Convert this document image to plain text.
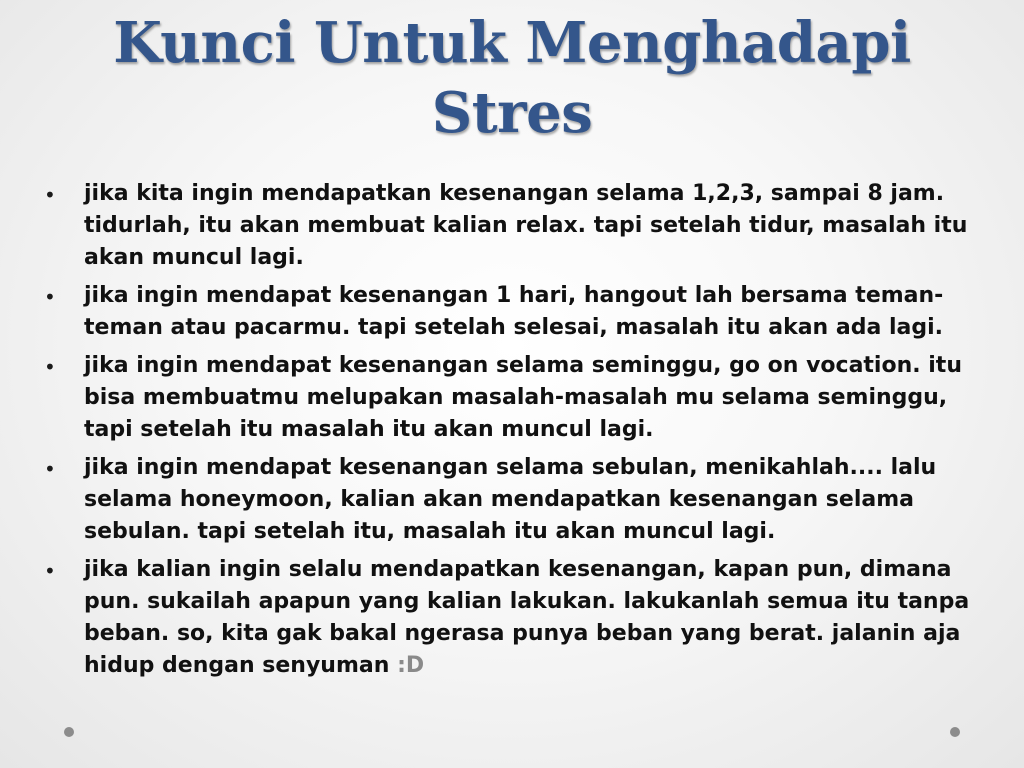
Kunci Untuk Menghadapi
Stres
• jika kita ingin mendapatkan kesenangan selama 1,2,3, sampai 8 jam. tidurlah, itu akan membuat kalian relax. tapi setelah tidur, masalah itu akan muncul lagi.
• jika ingin mendapat kesenangan 1 hari, hangout lah bersama teman-teman atau pacarmu. tapi setelah selesai, masalah itu akan ada lagi.
• jika ingin mendapat kesenangan selama seminggu, go on vocation. itu bisa membuatmu melupakan masalah-masalah mu selama seminggu, tapi setelah itu masalah itu akan muncul lagi.
• jika ingin mendapat kesenangan selama sebulan, menikahlah.... lalu selama honeymoon, kalian akan mendapatkan kesenangan selama sebulan. tapi setelah itu, masalah itu akan muncul lagi.
• jika kalian ingin selalu mendapatkan kesenangan, kapan pun, dimana pun. sukailah apapun yang kalian lakukan. lakukanlah semua itu tanpa beban. so, kita gak bakal ngerasa punya beban yang berat. jalanin aja hidup dengan senyuman :D
